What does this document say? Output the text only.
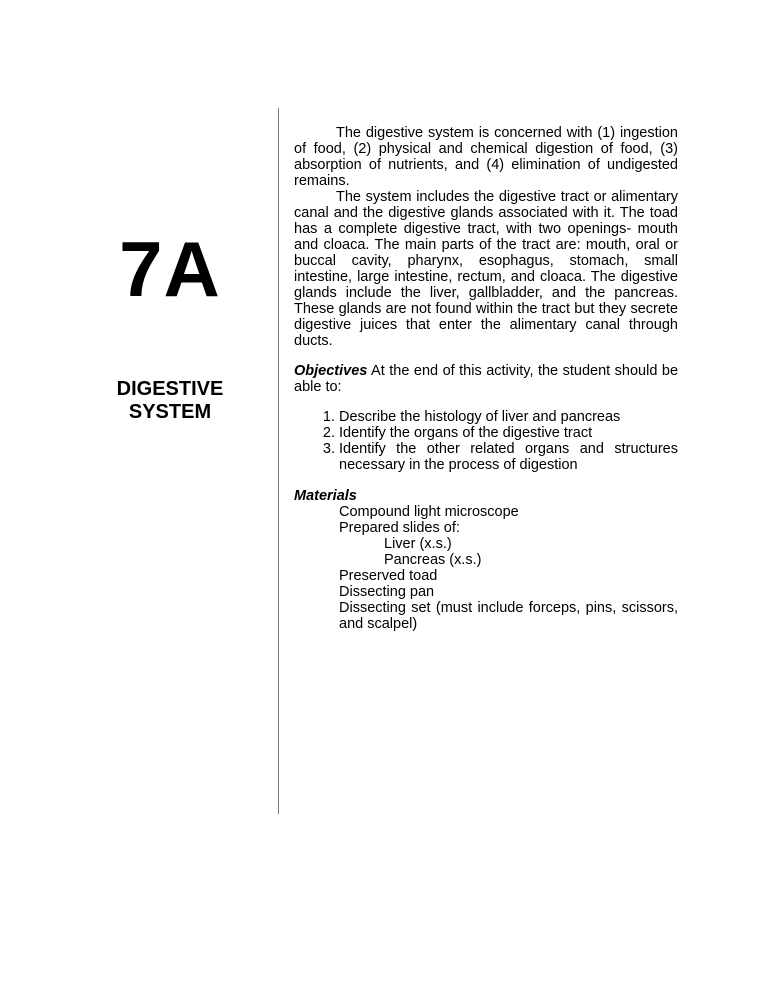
7A
DIGESTIVE
SYSTEM

The digestive system is concerned with (1) ingestion of food, (2) physical and chemical digestion of food, (3) absorption of nutrients, and (4) elimination of undigested remains.

The system includes the digestive tract or alimentary canal and the digestive glands associated with it. The toad has a complete digestive tract, with two openings- mouth and cloaca. The main parts of the tract are: mouth, oral or buccal cavity, pharynx, esophagus, stomach, small intestine, large intestine, rectum, and cloaca. The digestive glands include the liver, gallbladder, and the pancreas. These glands are not found within the tract but they secrete digestive juices that enter the alimentary canal through ducts.

Objectives At the end of this activity, the student should be able to:

1. Describe the histology of liver and pancreas
2. Identify the organs of the digestive tract
3. Identify the other related organs and structures necessary in the process of digestion
Materials
Compound light microscope
Prepared slides of:
Liver (x.s.)
Pancreas (x.s.)
Preserved toad
Dissecting pan
Dissecting set (must include forceps, pins, scissors, and scalpel)
